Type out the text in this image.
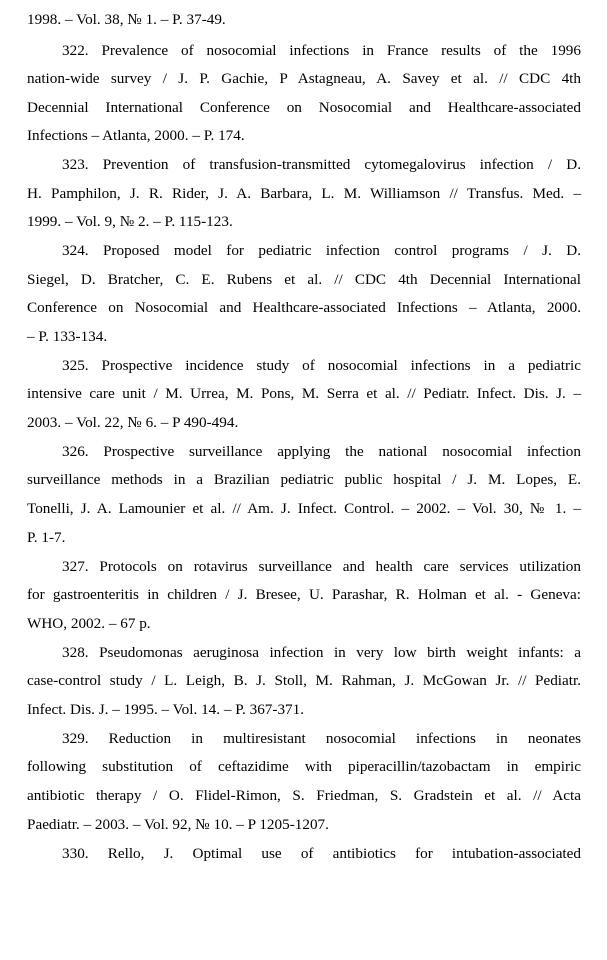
1998. – Vol. 38, № 1. – P. 37-49.
322. Prevalence of nosocomial infections in France results of the 1996
nation-wide survey / J. P. Gachie, P Astagneau, A. Savey et al. // CDC 4th
Decennial International Conference on Nosocomial and Healthcare-associated
Infections – Atlanta, 2000. – P. 174.
323. Prevention of transfusion-transmitted cytomegalovirus infection / D.
H. Pamphilon, J. R. Rider, J. A. Barbara, L. M. Williamson // Transfus. Med. –
1999. – Vol. 9, № 2. – P. 115-123.
324. Proposed model for pediatric infection control programs / J. D.
Siegel, D. Bratcher, C. E. Rubens et al. // CDC 4th Decennial International
Conference on Nosocomial and Healthcare-associated Infections – Atlanta, 2000.
– P. 133-134.
325. Prospective incidence study of nosocomial infections in a pediatric
intensive care unit / M. Urrea, M. Pons, M. Serra et al. // Pediatr. Infect. Dis. J. –
2003. – Vol. 22, № 6. – P 490-494.
326. Prospective surveillance applying the national nosocomial infection
surveillance methods in a Brazilian pediatric public hospital / J. M. Lopes, E.
Tonelli, J. A. Lamounier et al. // Am. J. Infect. Control. – 2002. – Vol. 30, № 1. –
P. 1-7.
327. Protocols on rotavirus surveillance and health care services utilization
for gastroenteritis in children / J. Bresee, U. Parashar, R. Holman et al. - Geneva:
WHO, 2002. – 67 p.
328. Pseudomonas aeruginosa infection in very low birth weight infants: a
case-control study / L. Leigh, B. J. Stoll, M. Rahman, J. McGowan Jr. // Pediatr.
Infect. Dis. J. – 1995. – Vol. 14. – P. 367-371.
329. Reduction in multiresistant nosocomial infections in neonates
following substitution of ceftazidime with piperacillin/tazobactam in empiric
antibiotic therapy / O. Flidel-Rimon, S. Friedman, S. Gradstein et al. // Acta
Paediatr. – 2003. – Vol. 92, № 10. – P 1205-1207.
330. Rello, J. Optimal use of antibiotics for intubation-associated
